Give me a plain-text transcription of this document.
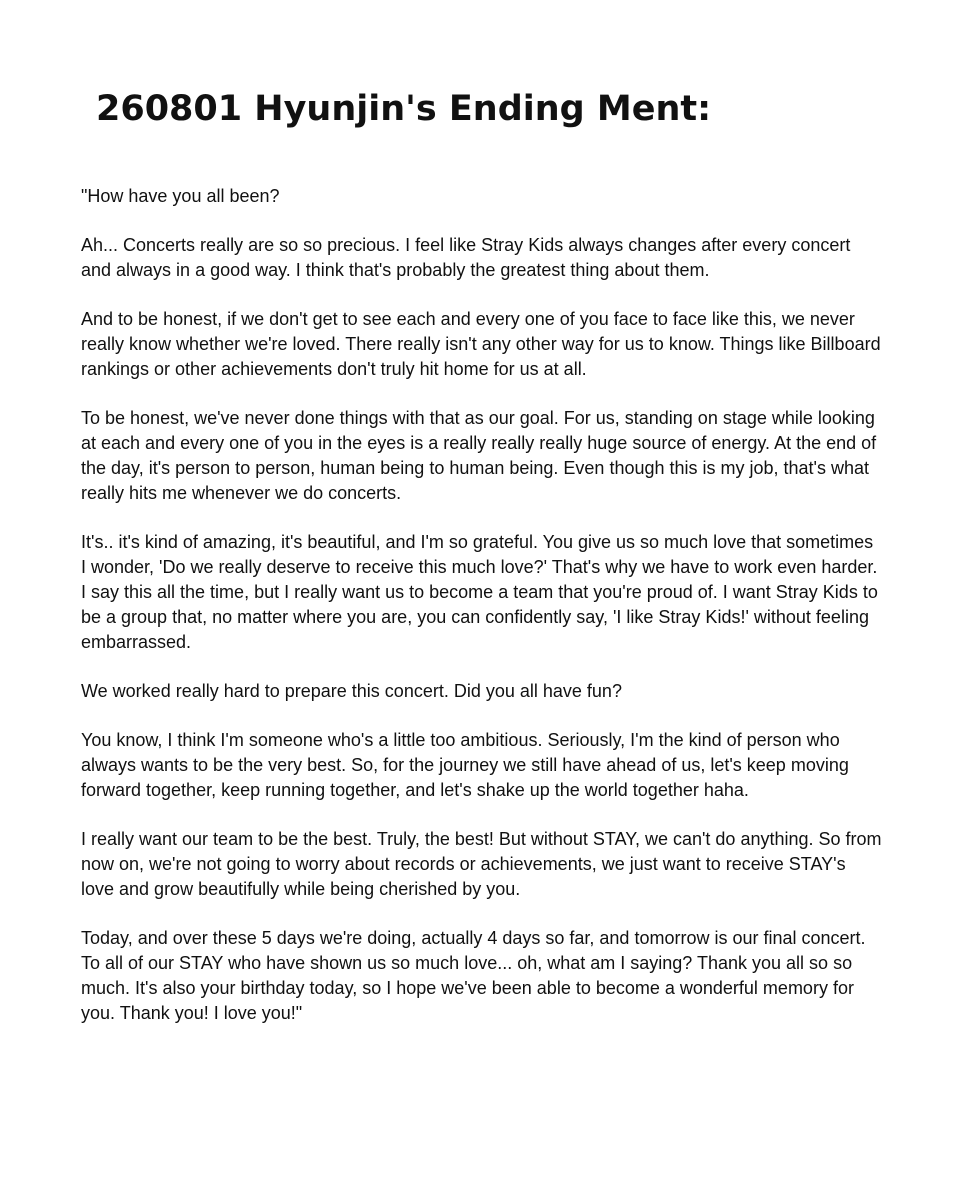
260801 Hyunjin's Ending Ment:

"How have you all been?

Ah... Concerts really are so so precious. I feel like Stray Kids always changes after every concert and always in a good way. I think that's probably the greatest thing about them.

And to be honest, if we don't get to see each and every one of you face to face like this, we never really know whether we're loved. There really isn't any other way for us to know. Things like Billboard rankings or other achievements don't truly hit home for us at all.

To be honest, we've never done things with that as our goal. For us, standing on stage while looking at each and every one of you in the eyes is a really really really huge source of energy. At the end of the day, it's person to person, human being to human being. Even though this is my job, that's what really hits me whenever we do concerts.

It's.. it's kind of amazing, it's beautiful, and I'm so grateful. You give us so much love that sometimes I wonder, 'Do we really deserve to receive this much love?' That's why we have to work even harder. I say this all the time, but I really want us to become a team that you're proud of. I want Stray Kids to be a group that, no matter where you are, you can confidently say, 'I like Stray Kids!' without feeling embarrassed.

We worked really hard to prepare this concert. Did you all have fun?

You know, I think I'm someone who's a little too ambitious. Seriously, I'm the kind of person who always wants to be the very best. So, for the journey we still have ahead of us, let's keep moving forward together, keep running together, and let's shake up the world together haha.

I really want our team to be the best. Truly, the best! But without STAY, we can't do anything. So from now on, we're not going to worry about records or achievements, we just want to receive STAY's love and grow beautifully while being cherished by you.

Today, and over these 5 days we're doing, actually 4 days so far, and tomorrow is our final concert. To all of our STAY who have shown us so much love... oh, what am I saying? Thank you all so so much. It's also your birthday today, so I hope we've been able to become a wonderful memory for you. Thank you! I love you!"
